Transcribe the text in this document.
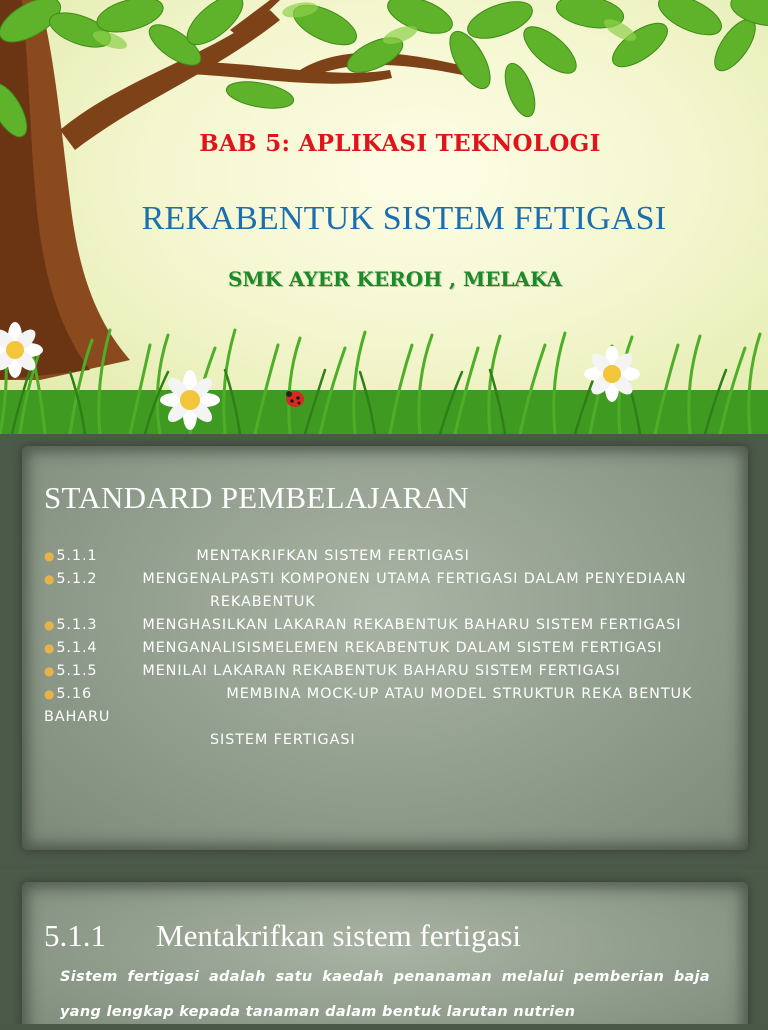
BAB 5: APLIKASI TEKNOLOGI
REKABENTUK SISTEM FETIGASI
SMK AYER KEROH , MELAKA
STANDARD PEMBELAJARAN
●5.1.1	MENTAKRIFKAN SISTEM FERTIGASI
●5.1.2	MENGENALPASTI KOMPONEN UTAMA FERTIGASI DALAM PENYEDIAAN
REKABENTUK
●5.1.3	MENGHASILKAN LAKARAN REKABENTUK BAHARU SISTEM FERTIGASI
●5.1.4	MENGANALISISMELEMEN REKABENTUK DALAM SISTEM FERTIGASI
●5.1.5	MENILAI LAKARAN REKABENTUK BAHARU SISTEM FERTIGASI
●5.16	MEMBINA MOCK-UP ATAU MODEL STRUKTUR REKA BENTUK BAHARU
SISTEM FERTIGASI
5.1.1 Mentakrifkan sistem fertigasi
Sistem fertigasi adalah satu kaedah penanaman melalui pemberian baja yang lengkap kepada tanaman dalam bentuk larutan nutrien
